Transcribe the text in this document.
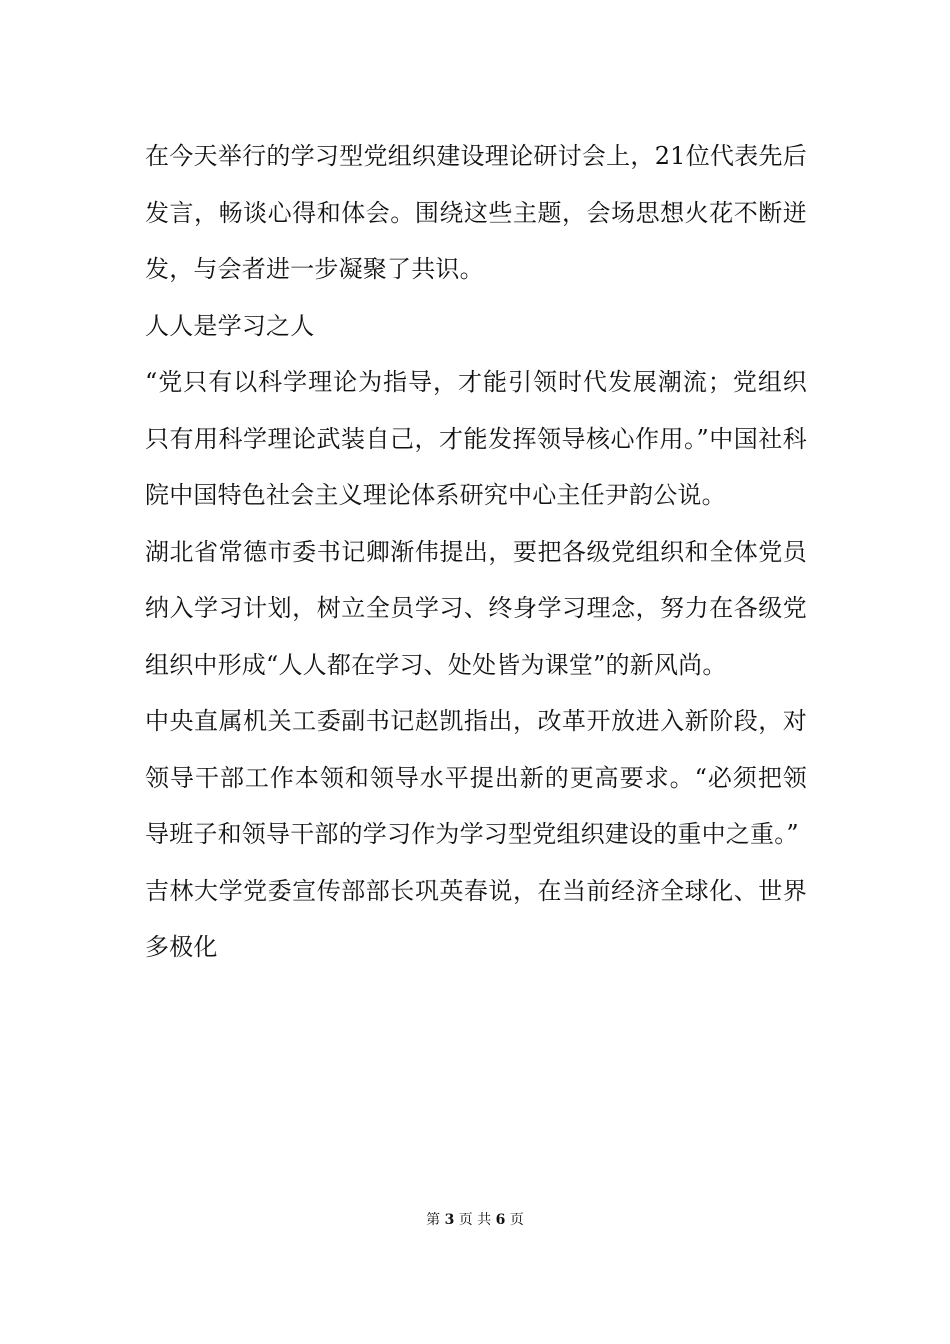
在今天举行的学习型党组织建设理论研讨会上，21位代表先后发言，畅谈心得和体会。围绕这些主题，会场思想火花不断迸发，与会者进一步凝聚了共识。

人人是学习之人

“党只有以科学理论为指导，才能引领时代发展潮流；党组织只有用科学理论武装自己，才能发挥领导核心作用。”中国社科院中国特色社会主义理论体系研究中心主任尹韵公说。

湖北省常德市委书记卿渐伟提出，要把各级党组织和全体党员纳入学习计划，树立全员学习、终身学习理念，努力在各级党组织中形成“人人都在学习、处处皆为课堂”的新风尚。

中央直属机关工委副书记赵凯指出，改革开放进入新阶段，对领导干部工作本领和领导水平提出新的更高要求。“必须把领导班子和领导干部的学习作为学习型党组织建设的重中之重。”

吉林大学党委宣传部部长巩英春说，在当前经济全球化、世界多极化

第 3 页 共 6 页
